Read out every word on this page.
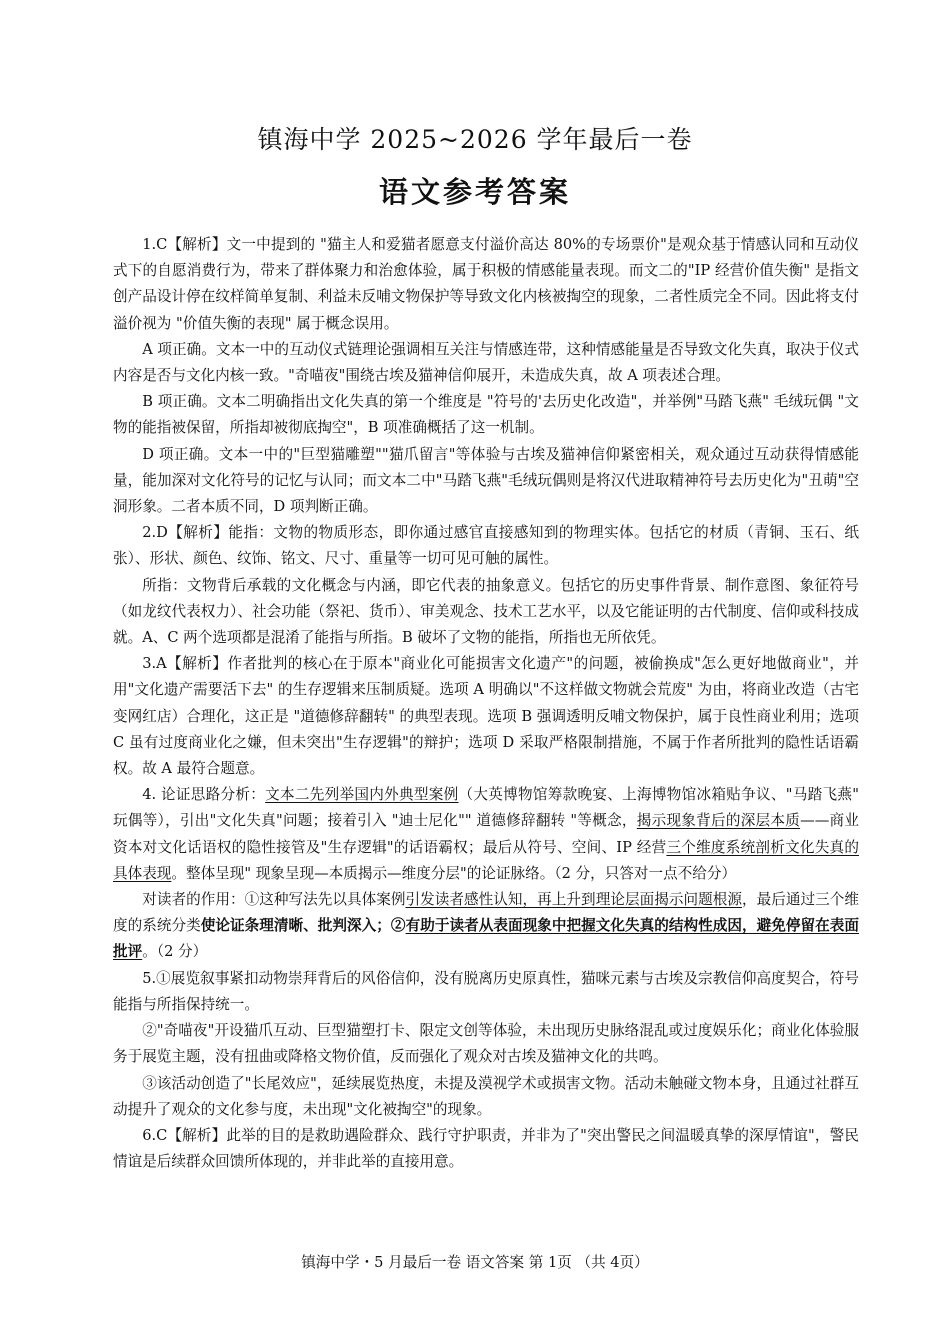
镇海中学 2025~2026 学年最后一卷
语文参考答案

1.C【解析】文一中提到的 "猫主人和爱猫者愿意支付溢价高达 80%的专场票价"是观众基于情感认同和互动仪式下的自愿消费行为，带来了群体聚力和治愈体验，属于积极的情感能量表现。而文二的"IP 经营价值失衡" 是指文创产品设计停在纹样简单复制、利益未反哺文物保护等导致文化内核被掏空的现象，二者性质完全不同。因此将支付溢价视为 "价值失衡的表现" 属于概念误用。

A 项正确。文本一中的互动仪式链理论强调相互关注与情感连带，这种情感能量是否导致文化失真，取决于仪式内容是否与文化内核一致。"奇喵夜"围绕古埃及猫神信仰展开，未造成失真，故 A 项表述合理。

B 项正确。文本二明确指出文化失真的第一个维度是 "符号的'去历史化改造"，并举例"马踏飞燕" 毛绒玩偶 "文物的能指被保留，所指却被彻底掏空"，B 项准确概括了这一机制。

D 项正确。文本一中的"巨型猫雕塑""猫爪留言"等体验与古埃及猫神信仰紧密相关，观众通过互动获得情感能量，能加深对文化符号的记忆与认同；而文本二中"马踏飞燕"毛绒玩偶则是将汉代进取精神符号去历史化为"丑萌"空洞形象。二者本质不同，D 项判断正确。

2.D【解析】能指：文物的物质形态，即你通过感官直接感知到的物理实体。包括它的材质（青铜、玉石、纸张）、形状、颜色、纹饰、铭文、尺寸、重量等一切可见可触的属性。

所指：文物背后承载的文化概念与内涵，即它代表的抽象意义。包括它的历史事件背景、制作意图、象征符号（如龙纹代表权力）、社会功能（祭祀、货币）、审美观念、技术工艺水平，以及它能证明的古代制度、信仰或科技成就。A、C 两个选项都是混淆了能指与所指。B 破坏了文物的能指，所指也无所依凭。

3.A【解析】作者批判的核心在于原本"商业化可能损害文化遗产"的问题，被偷换成"怎么更好地做商业"，并用"文化遗产需要活下去" 的生存逻辑来压制质疑。选项 A 明确以"不这样做文物就会荒废" 为由，将商业改造（古宅变网红店）合理化，这正是 "道德修辞翻转" 的典型表现。选项 B 强调透明反哺文物保护，属于良性商业利用；选项 C 虽有过度商业化之嫌，但未突出"生存逻辑"的辩护；选项 D 采取严格限制措施，不属于作者所批判的隐性话语霸权。故 A 最符合题意。

4. 论证思路分析：文本二先列举国内外典型案例（大英博物馆筹款晚宴、上海博物馆冰箱贴争议、"马踏飞燕" 玩偶等），引出"文化失真"问题；接着引入 "迪士尼化"" 道德修辞翻转 "等概念，揭示现象背后的深层本质——商业资本对文化话语权的隐性接管及"生存逻辑"的话语霸权；最后从符号、空间、IP 经营三个维度系统剖析文化失真的具体表现。整体呈现" 现象呈现—本质揭示—维度分层"的论证脉络。（2 分，只答对一点不给分）

对读者的作用：①这种写法先以具体案例引发读者感性认知，再上升到理论层面揭示问题根源，最后通过三个维度的系统分类使论证条理清晰、批判深入；②有助于读者从表面现象中把握文化失真的结构性成因，避免停留在表面批评。（2 分）

5.①展览叙事紧扣动物崇拜背后的风俗信仰，没有脱离历史原真性，猫咪元素与古埃及宗教信仰高度契合，符号能指与所指保持统一。

②"奇喵夜"开设猫爪互动、巨型猫塑打卡、限定文创等体验，未出现历史脉络混乱或过度娱乐化；商业化体验服务于展览主题，没有扭曲或降格文物价值，反而强化了观众对古埃及猫神文化的共鸣。

③该活动创造了"长尾效应"，延续展览热度，未提及漠视学术或损害文物。活动未触碰文物本身，且通过社群互动提升了观众的文化参与度，未出现"文化被掏空"的现象。

6.C【解析】此举的目的是救助遇险群众、践行守护职责，并非为了"突出警民之间温暖真挚的深厚情谊"，警民情谊是后续群众回馈所体现的，并非此举的直接用意。

镇海中学・5 月最后一卷 语文答案 第 1页 （共 4页）
